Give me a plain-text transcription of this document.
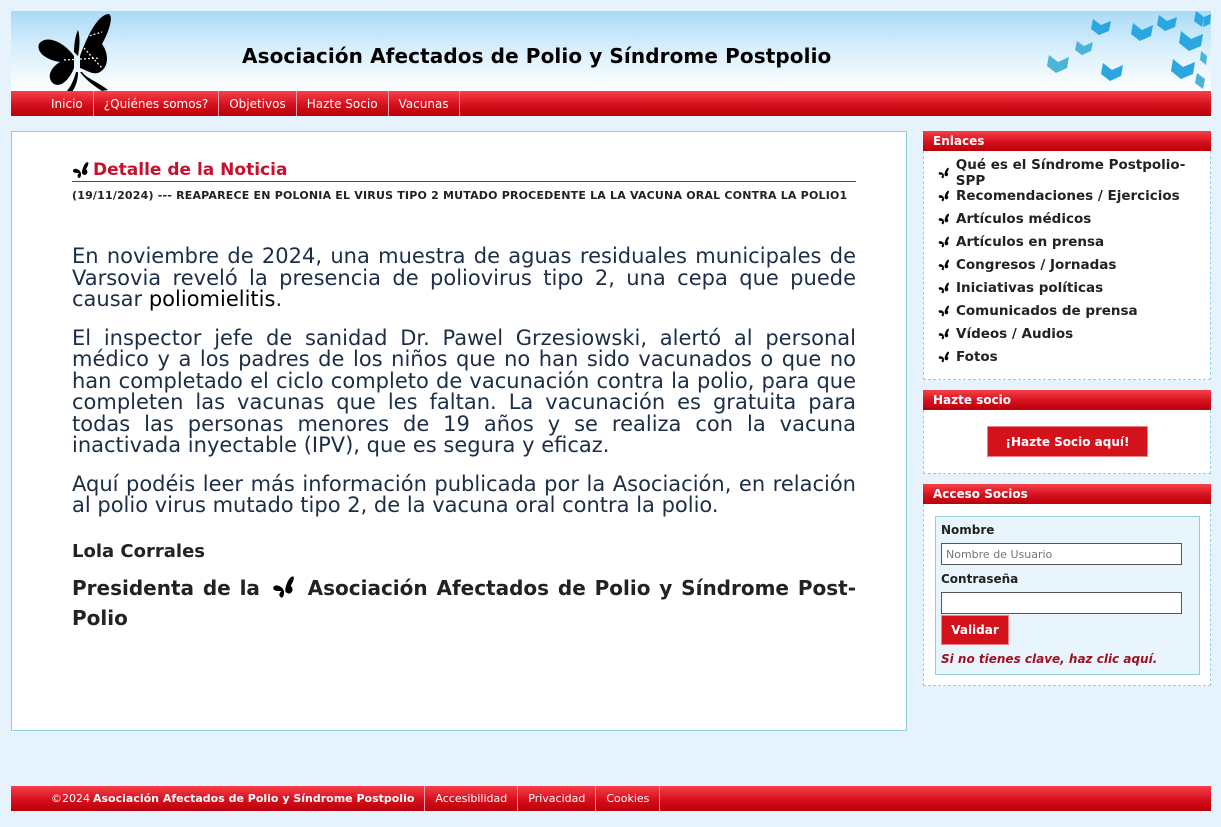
Asociación Afectados de Polio y Síndrome Postpolio
Inicio	¿Quiénes somos?	Objetivos	Hazte Socio	Vacunas
Detalle de la Noticia
(19/11/2024) --- REAPARECE EN POLONIA EL VIRUS TIPO 2 MUTADO PROCEDENTE LA LA VACUNA ORAL CONTRA LA POLIO1

En noviembre de 2024, una muestra de aguas residuales municipales de Varsovia reveló la presencia de poliovirus tipo 2, una cepa que puede causar poliomielitis.

El inspector jefe de sanidad Dr. Pawel Grzesiowski, alertó al personal médico y a los padres de los niños que no han sido vacunados o que no han completado el ciclo completo de vacunación contra la polio, para que completen las vacunas que les faltan. La vacunación es gratuita para todas las personas menores de 19 años y se realiza con la vacuna inactivada inyectable (IPV), que es segura y eficaz.

Aquí podéis leer más información publicada por la Asociación, en relación al polio virus mutado tipo 2, de la vacuna oral contra la polio.

Lola Corrales
Presidenta de la Asociación Afectados de Polio y Síndrome Post-Polio
Enlaces
Qué es el Síndrome Postpolio-SPP
Recomendaciones / Ejercicios
Artículos médicos
Artículos en prensa
Congresos / Jornadas
Iniciativas políticas
Comunicados de prensa
Vídeos / Audios
Fotos
Hazte socio
¡Hazte Socio aquí!
Acceso Socios
Nombre
Nombre de Usuario
Contraseña
Validar
Si no tienes clave, haz clic aquí.
©2024 Asociación Afectados de Polio y Síndrome Postpolio	Accesibilidad	Privacidad	Cookies
